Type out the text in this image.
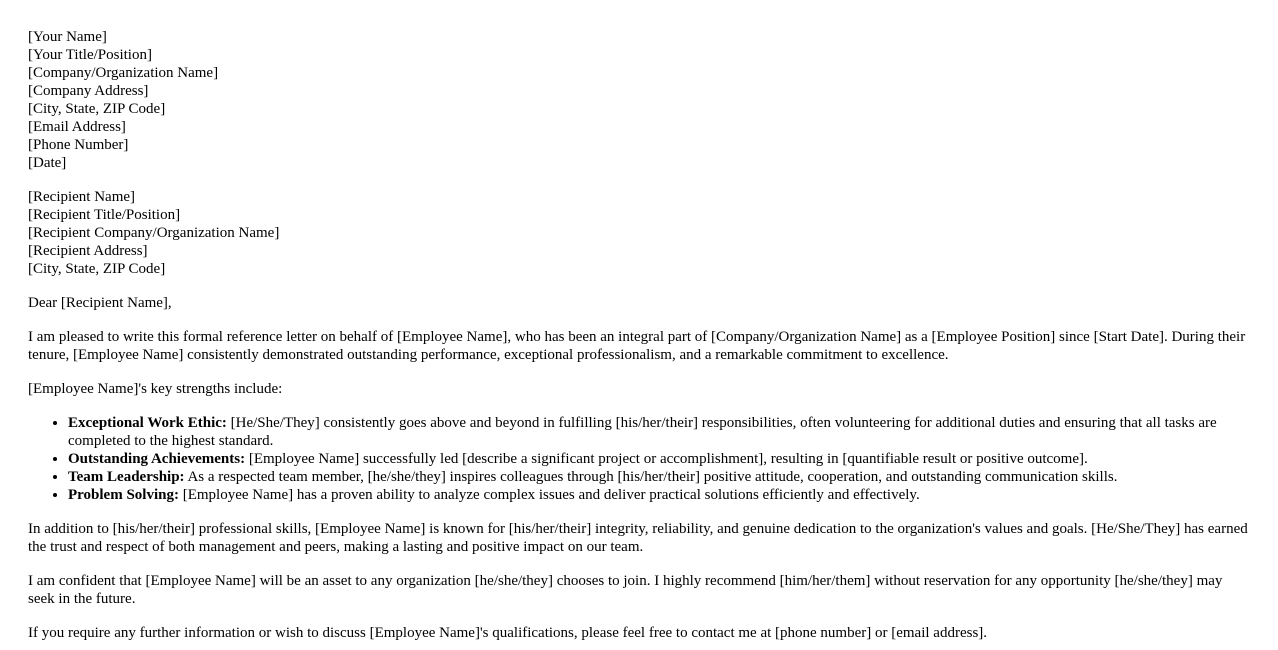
[Your Name]
[Your Title/Position]
[Company/Organization Name]
[Company Address]
[City, State, ZIP Code]
[Email Address]
[Phone Number]
[Date]
[Recipient Name]
[Recipient Title/Position]
[Recipient Company/Organization Name]
[Recipient Address]
[City, State, ZIP Code]

Dear [Recipient Name],

I am pleased to write this formal reference letter on behalf of [Employee Name], who has been an integral part of [Company/Organization Name] as a [Employee Position] since [Start Date]. During their tenure, [Employee Name] consistently demonstrated outstanding performance, exceptional professionalism, and a remarkable commitment to excellence.

[Employee Name]'s key strengths include:

• Exceptional Work Ethic: [He/She/They] consistently goes above and beyond in fulfilling [his/her/their] responsibilities, often volunteering for additional duties and ensuring that all tasks are completed to the highest standard.
• Outstanding Achievements: [Employee Name] successfully led [describe a significant project or accomplishment], resulting in [quantifiable result or positive outcome].
• Team Leadership: As a respected team member, [he/she/they] inspires colleagues through [his/her/their] positive attitude, cooperation, and outstanding communication skills.
• Problem Solving: [Employee Name] has a proven ability to analyze complex issues and deliver practical solutions efficiently and effectively.

In addition to [his/her/their] professional skills, [Employee Name] is known for [his/her/their] integrity, reliability, and genuine dedication to the organization's values and goals. [He/She/They] has earned the trust and respect of both management and peers, making a lasting and positive impact on our team.

I am confident that [Employee Name] will be an asset to any organization [he/she/they] chooses to join. I highly recommend [him/her/them] without reservation for any opportunity [he/she/they] may seek in the future.

If you require any further information or wish to discuss [Employee Name]'s qualifications, please feel free to contact me at [phone number] or [email address].
